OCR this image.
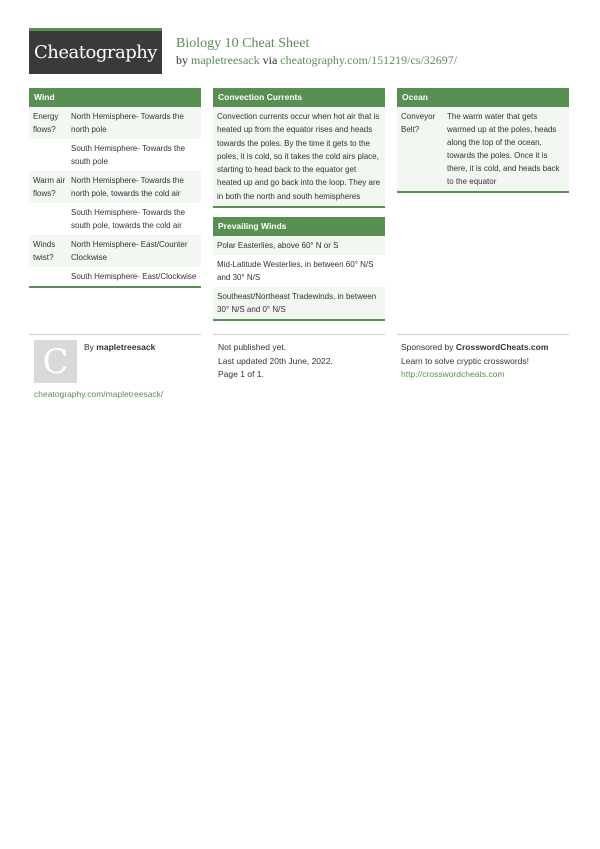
Cheatography Biology 10 Cheat Sheet
by mapletreesack via cheatography.com/151219/cs/32697/
Wind
Energy flows?
North Hemisphere- Towards the north pole
South Hemisphere- Towards the south pole
Warm air flows?
North Hemisphere- Towards the north pole, towards the cold air
South Hemisphere- Towards the south pole, towards the cold air
Winds twist?
North Hemisphere- East/Counter Clockwise
South Hemisphere- East/Clockwise
Convection Currents
Convection currents occur when hot air that is heated up from the equator rises and heads towards the poles. By the time it gets to the poles, it is cold, so it takes the cold airs place, starting to head back to the equator get heated up and go back into the loop. They are in both the north and south hemispheres
Prevailing Winds
Polar Easterlies, above 60° N or S
Mid-Latitude Westerlies, in between 60° N/S and 30° N/S
Southeast/Northeast Tradewinds, in between 30° N/S and 0° N/S
Ocean
Conveyor Belt?
The warm water that gets warmed up at the poles, heads along the top of the ocean, towards the poles. Once it is there, it is cold, and heads back to the equator
C By mapletreesack
cheatography.com/mapletreesack/
Not published yet.
Last updated 20th June, 2022.
Page 1 of 1.
Sponsored by CrosswordCheats.com
Learn to solve cryptic crosswords!
http://crosswordcheats.com
